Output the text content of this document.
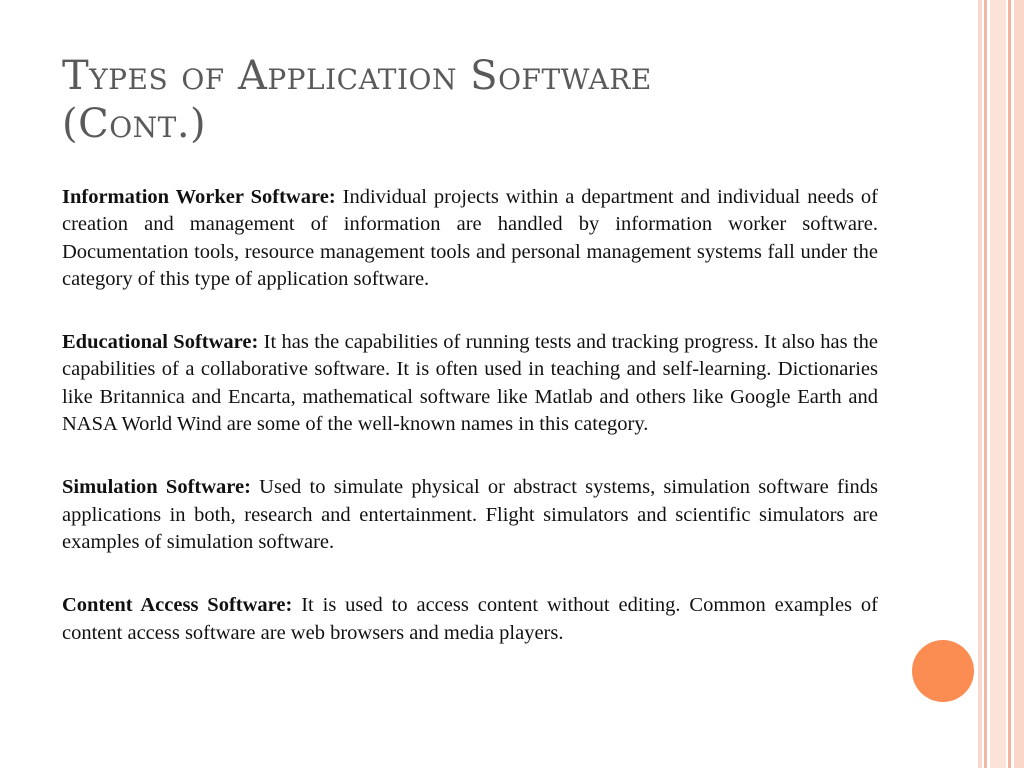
Types of Application Software
(Cont.)

Information Worker Software: Individual projects within a department and individual needs of creation and management of information are handled by information worker software. Documentation tools, resource management tools and personal management systems fall under the category of this type of application software.

Educational Software: It has the capabilities of running tests and tracking progress. It also has the capabilities of a collaborative software. It is often used in teaching and self-learning. Dictionaries like Britannica and Encarta, mathematical software like Matlab and others like Google Earth and NASA World Wind are some of the well-known names in this category.

Simulation Software: Used to simulate physical or abstract systems, simulation software finds applications in both, research and entertainment. Flight simulators and scientific simulators are examples of simulation software.

Content Access Software: It is used to access content without editing. Common examples of content access software are web browsers and media players.
